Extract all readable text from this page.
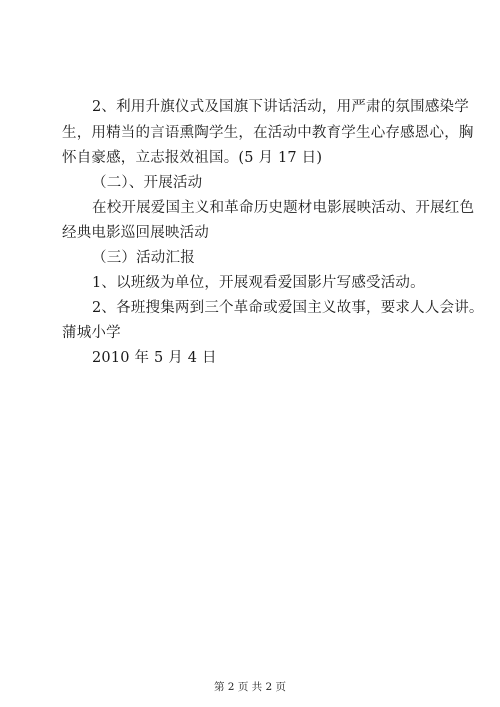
2、利用升旗仪式及国旗下讲话活动，用严肃的氛围感染学
生，用精当的言语熏陶学生，在活动中教育学生心存感恩心，胸
怀自豪感，立志报效祖国。(5 月 17 日)
（二）、开展活动
在校开展爱国主义和革命历史题材电影展映活动、开展红色
经典电影巡回展映活动
（三）活动汇报
1、以班级为单位，开展观看爱国影片写感受活动。
2、各班搜集两到三个革命或爱国主义故事，要求人人会讲。
蒲城小学
2010 年 5 月 4 日
第 2 页 共 2 页
